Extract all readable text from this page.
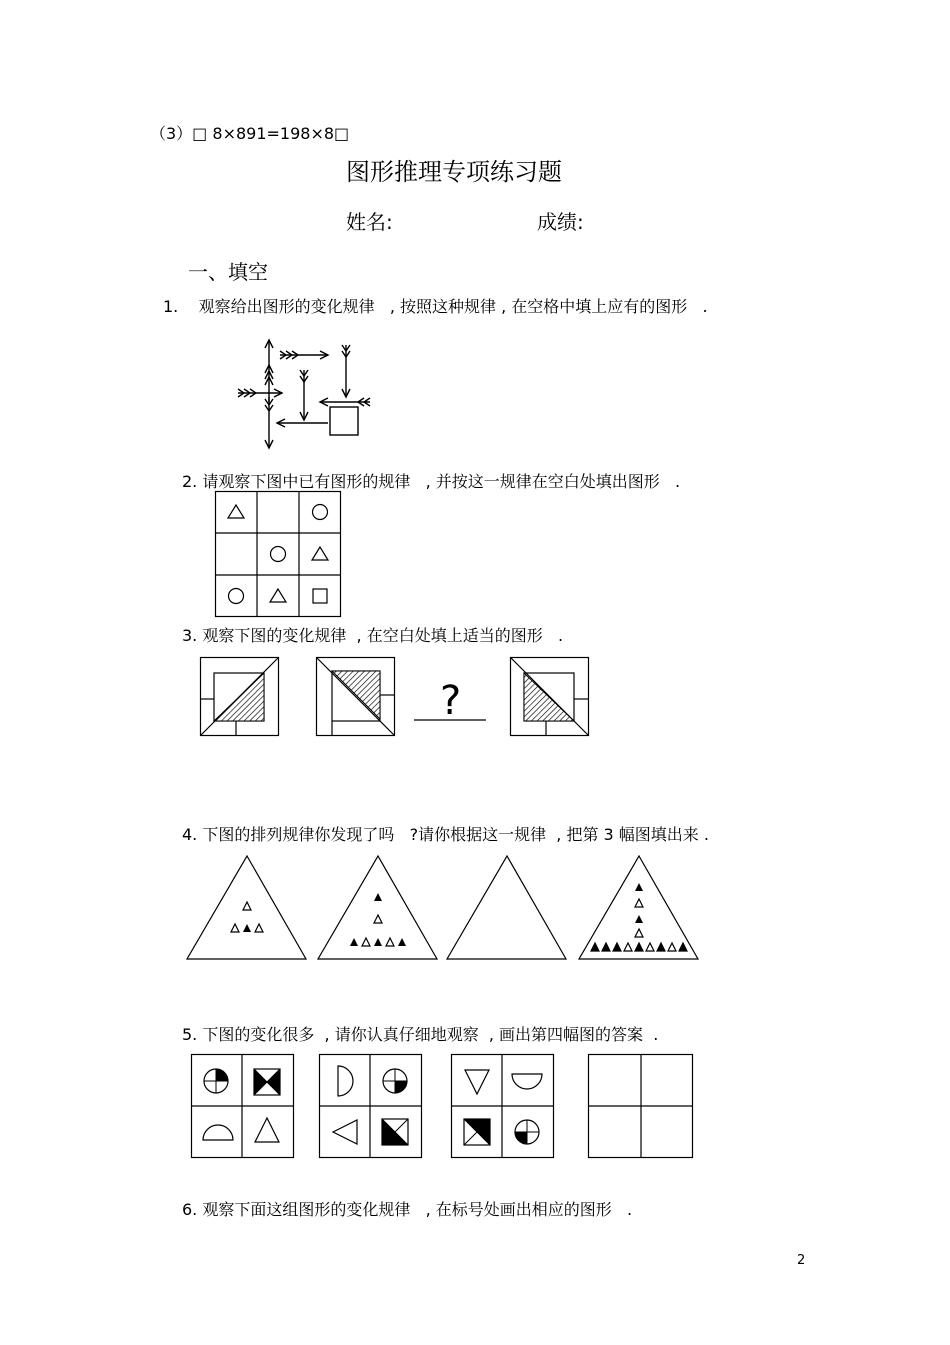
（3）□ 8×891=198×8□
图形推理专项练习题
姓名:	成绩:
一、填空
1.    观察给出图形的变化规律   , 按照这种规律 , 在空格中填上应有的图形   .
2. 请观察下图中已有图形的规律   , 并按这一规律在空白处填出图形   .
3. 观察下图的变化规律  , 在空白处填上适当的图形   .
4. 下图的排列规律你发现了吗   ?请你根据这一规律  , 把第 3 幅图填出来 .
5. 下图的变化很多  , 请你认真仔细地观察  , 画出第四幅图的答案  .
6. 观察下面这组图形的变化规律   , 在标号处画出相应的图形   .
?
2
